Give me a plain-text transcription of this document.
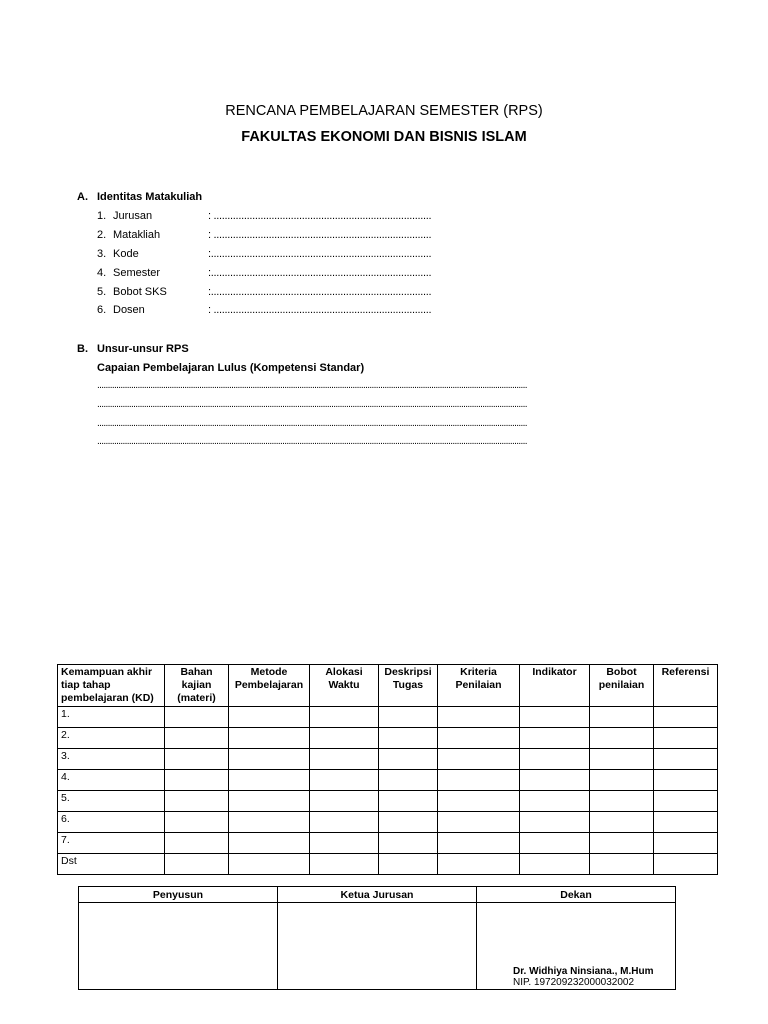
RENCANA PEMBELAJARAN SEMESTER (RPS)
FAKULTAS EKONOMI DAN BISNIS ISLAM
A. Identitas Matakuliah
1. Jurusan	: ...............................................................................
2. Matakliah	: ...............................................................................
3. Kode	:................................................................................
4. Semester	:................................................................................
5. Bobot SKS	:................................................................................
6. Dosen	: ...............................................................................
B. Unsur-unsur RPS
Capaian Pembelajaran Lulus (Kompetensi Standar)
..........................................................................................................................................................................................................
..........................................................................................................................................................................................................
..........................................................................................................................................................................................................
..........................................................................................................................................................................................................
Kemampuan akhir tiap tahap pembelajaran (KD)	Bahan kajian (materi)	Metode Pembelajaran	Alokasi Waktu	Deskripsi Tugas	Kriteria Penilaian	Indikator	Bobot penilaian	Referensi
1.								
2.								
3.								
4.								
5.								
6.								
7.								
Dst								
Penyusun	Ketua Jurusan	Dekan

		Dr. Widhiya Ninsiana., M.Hum
NIP. 197209232000032002
